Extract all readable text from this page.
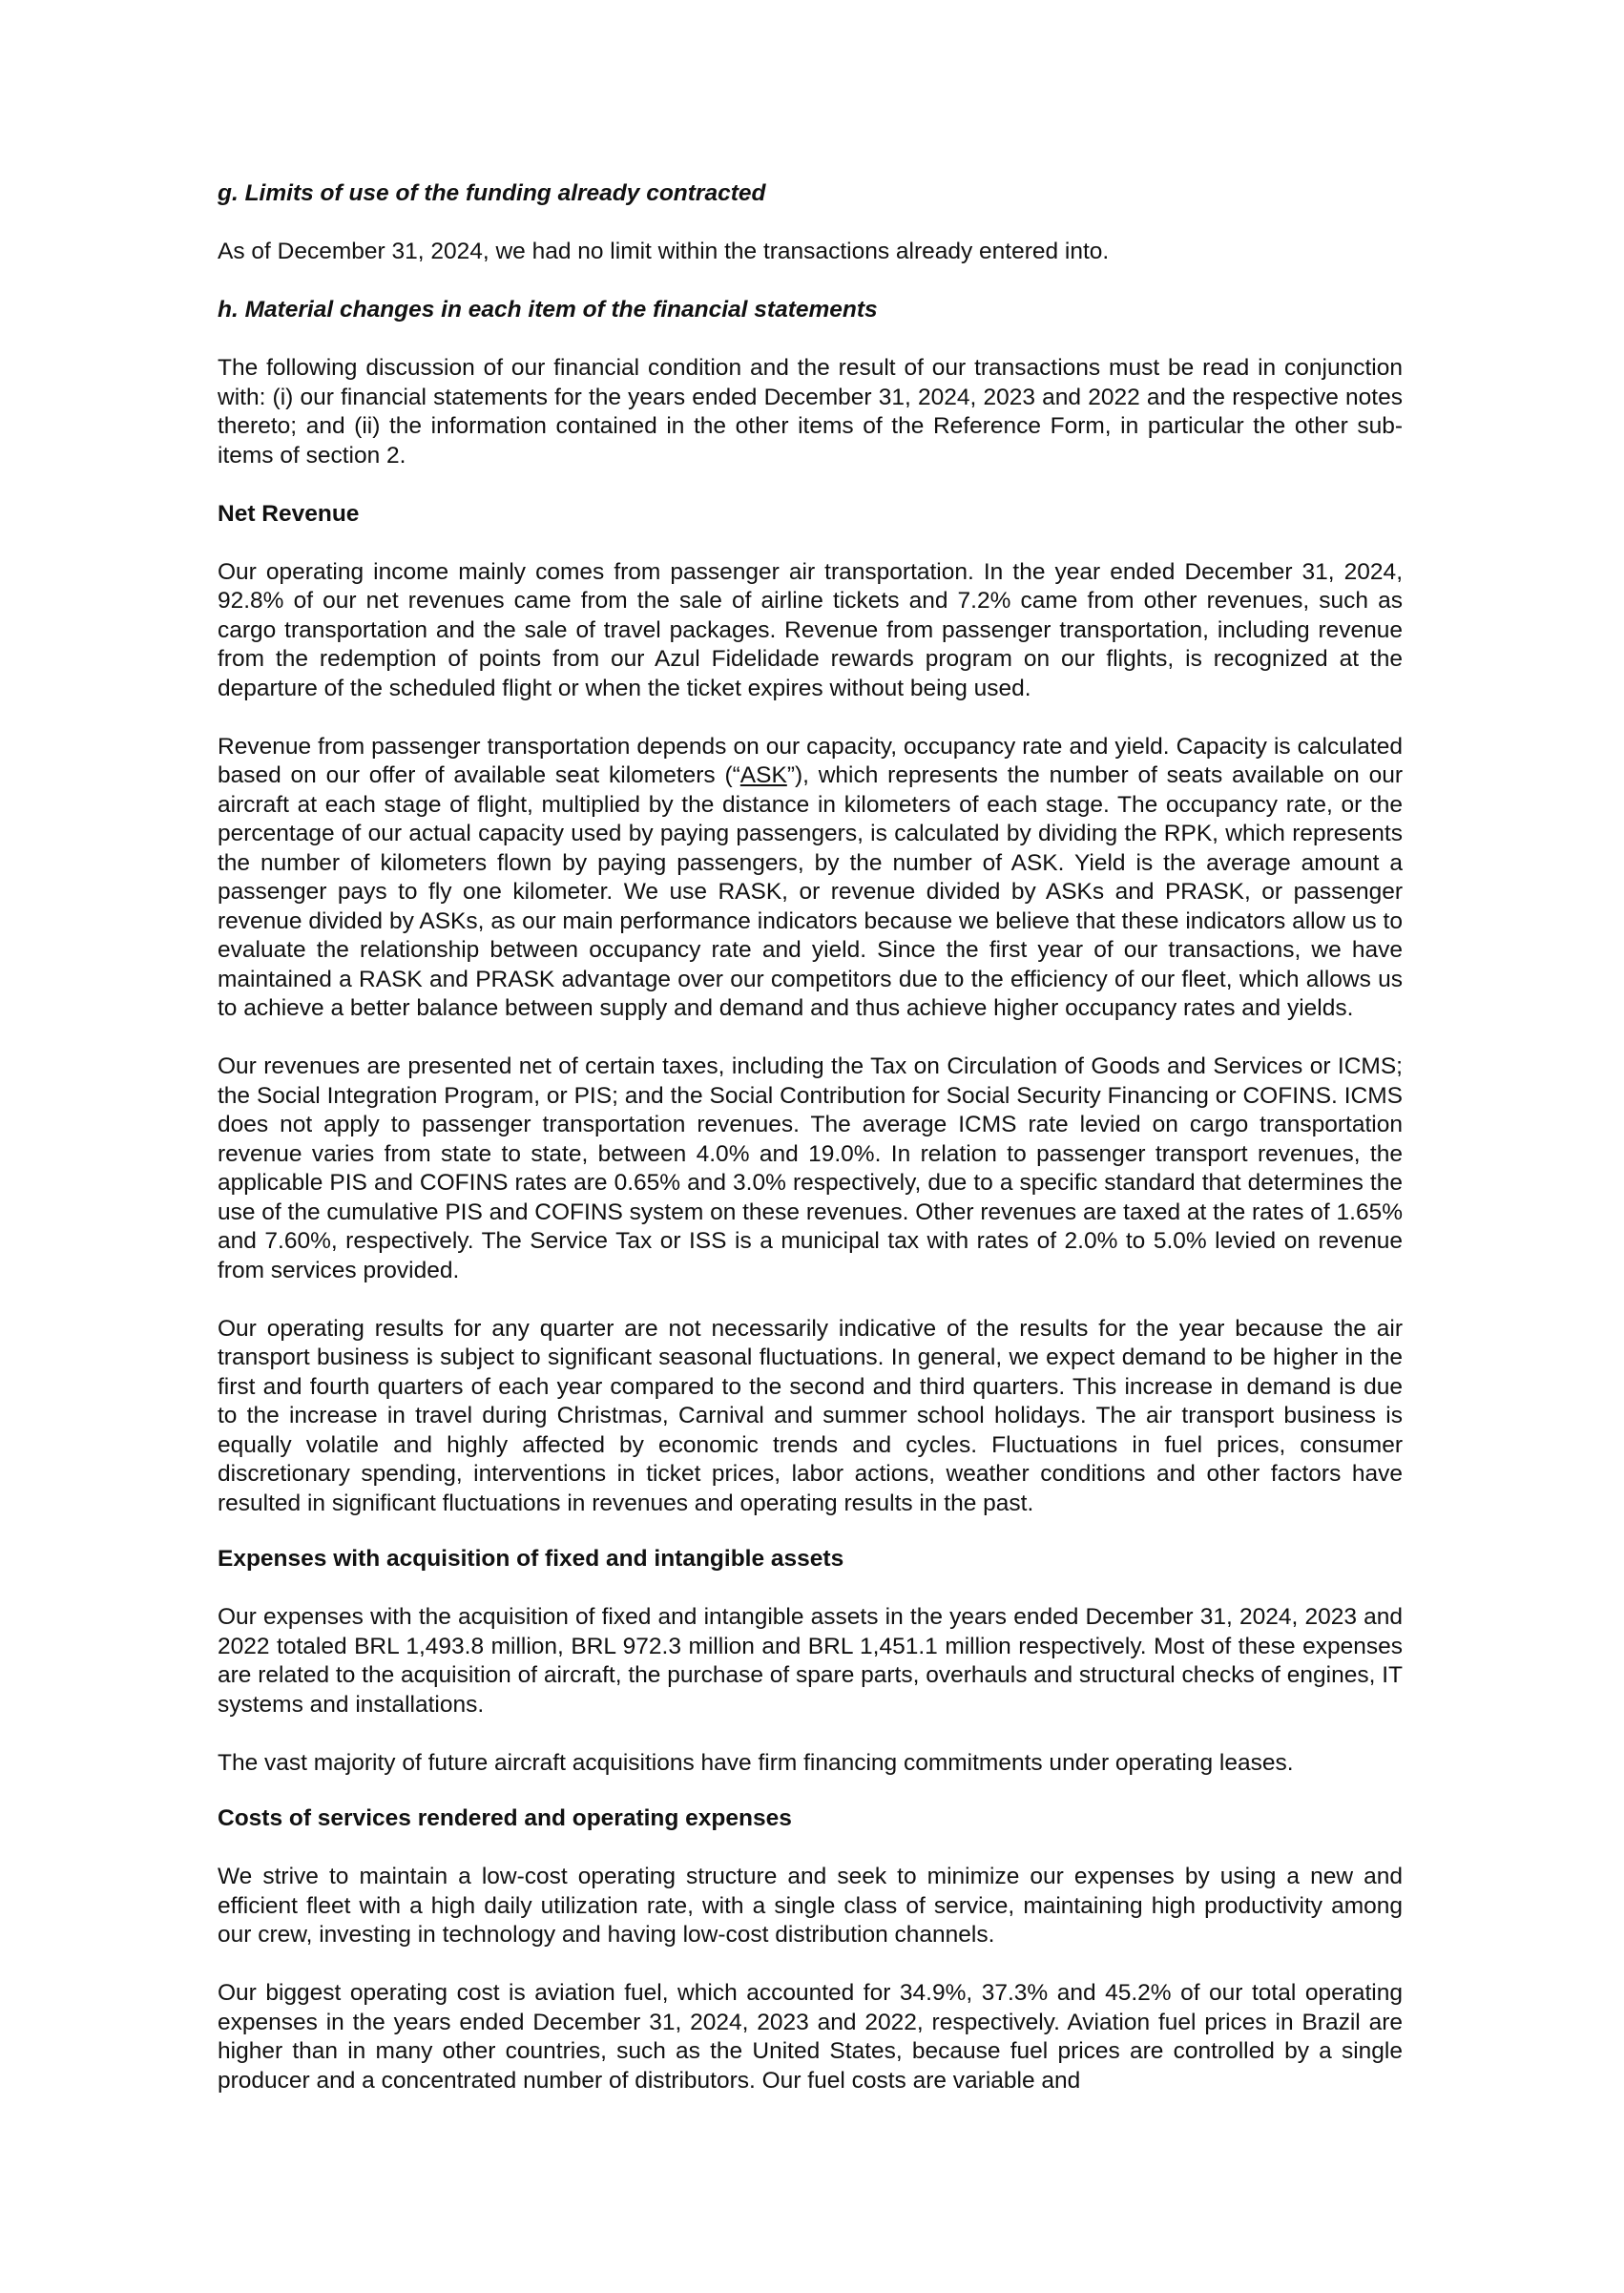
g. Limits of use of the funding already contracted

As of December 31, 2024, we had no limit within the transactions already entered into.

h. Material changes in each item of the financial statements

The following discussion of our financial condition and the result of our transactions must be read in conjunction with: (i) our financial statements for the years ended December 31, 2024, 2023 and 2022 and the respective notes thereto; and (ii) the information contained in the other items of the Reference Form, in particular the other sub-items of section 2.

Net Revenue

Our operating income mainly comes from passenger air transportation. In the year ended December 31, 2024, 92.8% of our net revenues came from the sale of airline tickets and 7.2% came from other revenues, such as cargo transportation and the sale of travel packages. Revenue from passenger transportation, including revenue from the redemption of points from our Azul Fidelidade rewards program on our flights, is recognized at the departure of the scheduled flight or when the ticket expires without being used.

Revenue from passenger transportation depends on our capacity, occupancy rate and yield. Capacity is calculated based on our offer of available seat kilometers (“ASK”), which represents the number of seats available on our aircraft at each stage of flight, multiplied by the distance in kilometers of each stage. The occupancy rate, or the percentage of our actual capacity used by paying passengers, is calculated by dividing the RPK, which represents the number of kilometers flown by paying passengers, by the number of ASK. Yield is the average amount a passenger pays to fly one kilometer. We use RASK, or revenue divided by ASKs and PRASK, or passenger revenue divided by ASKs, as our main performance indicators because we believe that these indicators allow us to evaluate the relationship between occupancy rate and yield. Since the first year of our transactions, we have maintained a RASK and PRASK advantage over our competitors due to the efficiency of our fleet, which allows us to achieve a better balance between supply and demand and thus achieve higher occupancy rates and yields.

Our revenues are presented net of certain taxes, including the Tax on Circulation of Goods and Services or ICMS; the Social Integration Program, or PIS; and the Social Contribution for Social Security Financing or COFINS. ICMS does not apply to passenger transportation revenues. The average ICMS rate levied on cargo transportation revenue varies from state to state, between 4.0% and 19.0%. In relation to passenger transport revenues, the applicable PIS and COFINS rates are 0.65% and 3.0% respectively, due to a specific standard that determines the use of the cumulative PIS and COFINS system on these revenues. Other revenues are taxed at the rates of 1.65% and 7.60%, respectively. The Service Tax or ISS is a municipal tax with rates of 2.0% to 5.0% levied on revenue from services provided.

Our operating results for any quarter are not necessarily indicative of the results for the year because the air transport business is subject to significant seasonal fluctuations. In general, we expect demand to be higher in the first and fourth quarters of each year compared to the second and third quarters. This increase in demand is due to the increase in travel during Christmas, Carnival and summer school holidays. The air transport business is equally volatile and highly affected by economic trends and cycles. Fluctuations in fuel prices, consumer discretionary spending, interventions in ticket prices, labor actions, weather conditions and other factors have resulted in significant fluctuations in revenues and operating results in the past.

Expenses with acquisition of fixed and intangible assets

Our expenses with the acquisition of fixed and intangible assets in the years ended December 31, 2024, 2023 and 2022 totaled BRL 1,493.8 million, BRL 972.3 million and BRL 1,451.1 million respectively. Most of these expenses are related to the acquisition of aircraft, the purchase of spare parts, overhauls and structural checks of engines, IT systems and installations.

The vast majority of future aircraft acquisitions have firm financing commitments under operating leases.

Costs of services rendered and operating expenses

We strive to maintain a low-cost operating structure and seek to minimize our expenses by using a new and efficient fleet with a high daily utilization rate, with a single class of service, maintaining high productivity among our crew, investing in technology and having low-cost distribution channels.

Our biggest operating cost is aviation fuel, which accounted for 34.9%, 37.3% and 45.2% of our total operating expenses in the years ended December 31, 2024, 2023 and 2022, respectively. Aviation fuel prices in Brazil are higher than in many other countries, such as the United States, because fuel prices are controlled by a single producer and a concentrated number of distributors. Our fuel costs are variable and
